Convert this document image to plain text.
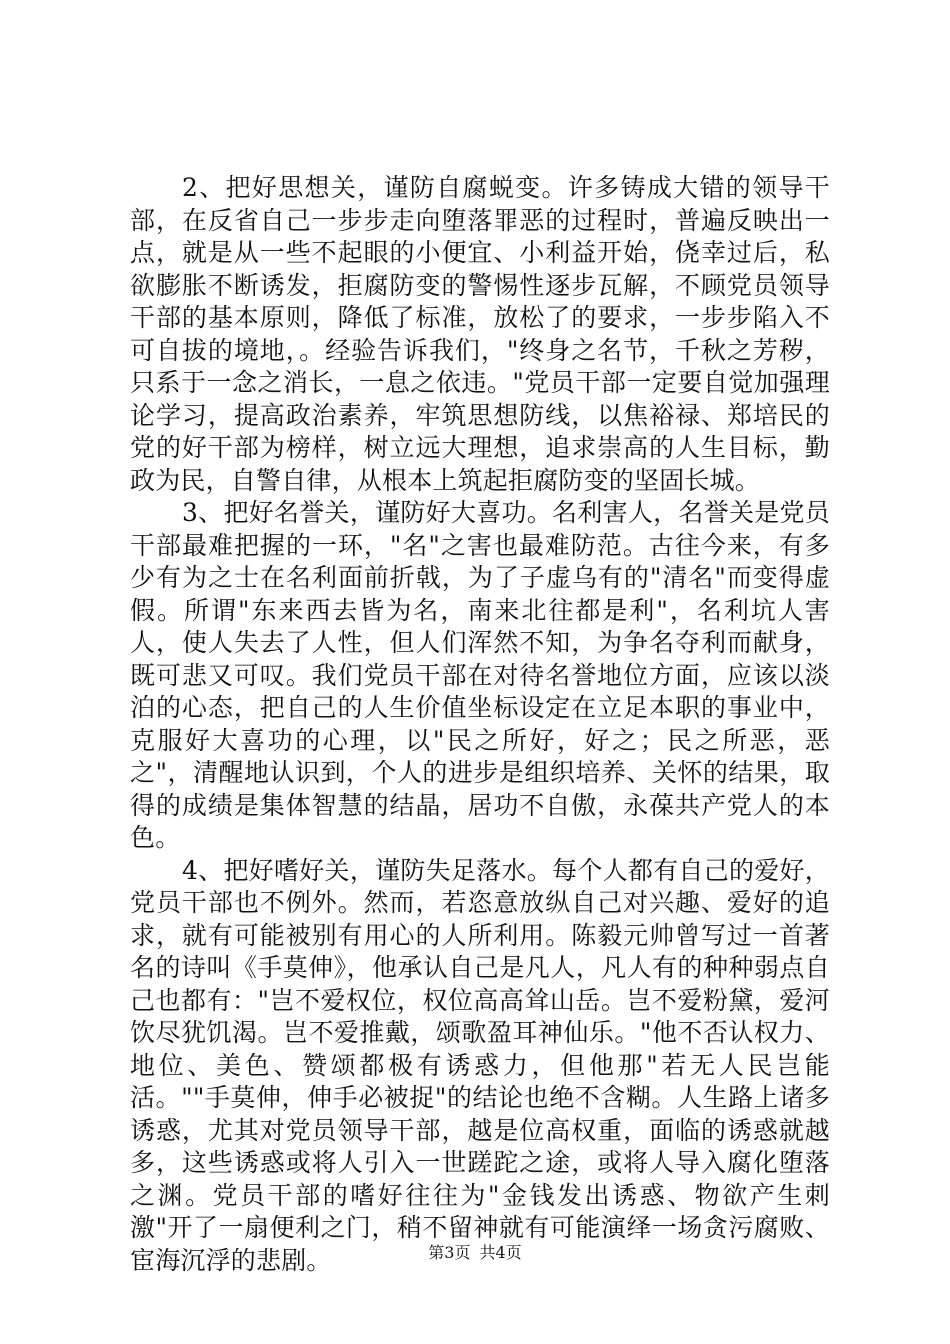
2、把好思想关，谨防自腐蜕变。许多铸成大错的领导干部，在反省自己一步步走向堕落罪恶的过程时，普遍反映出一点，就是从一些不起眼的小便宜、小利益开始，侥幸过后，私欲膨胀不断诱发，拒腐防变的警惕性逐步瓦解，不顾党员领导干部的基本原则，降低了标准，放松了的要求，一步步陷入不可自拔的境地，。经验告诉我们，"终身之名节，千秋之芳秽，只系于一念之消长，一息之依违。"党员干部一定要自觉加强理论学习，提高政治素养，牢筑思想防线，以焦裕禄、郑培民的党的好干部为榜样，树立远大理想，追求崇高的人生目标，勤政为民，自警自律，从根本上筑起拒腐防变的坚固长城。

3、把好名誉关，谨防好大喜功。名利害人，名誉关是党员干部最难把握的一环，"名"之害也最难防范。古往今来，有多少有为之士在名利面前折戟，为了子虚乌有的"清名"而变得虚假。所谓"东来西去皆为名，南来北往都是利"，名利坑人害人，使人失去了人性，但人们浑然不知，为争名夺利而献身，既可悲又可叹。我们党员干部在对待名誉地位方面，应该以淡泊的心态，把自己的人生价值坐标设定在立足本职的事业中，克服好大喜功的心理，以"民之所好，好之；民之所恶，恶之"，清醒地认识到，个人的进步是组织培养、关怀的结果，取得的成绩是集体智慧的结晶，居功不自傲，永葆共产党人的本色。

4、把好嗜好关，谨防失足落水。每个人都有自己的爱好，党员干部也不例外。然而，若恣意放纵自己对兴趣、爱好的追求，就有可能被别有用心的人所利用。陈毅元帅曾写过一首著名的诗叫《手莫伸》，他承认自己是凡人，凡人有的种种弱点自己也都有："岂不爱权位，权位高高耸山岳。岂不爱粉黛，爱河饮尽犹饥渴。岂不爱推戴，颂歌盈耳神仙乐。"他不否认权力、地位、美色、赞颂都极有诱惑力，但他那"若无人民岂能活。""手莫伸，伸手必被捉"的结论也绝不含糊。人生路上诸多诱惑，尤其对党员领导干部，越是位高权重，面临的诱惑就越多，这些诱惑或将人引入一世蹉跎之途，或将人导入腐化堕落之渊。党员干部的嗜好往往为"金钱发出诱惑、物欲产生刺激"开了一扇便利之门，稍不留神就有可能演绎一场贪污腐败、宦海沉浮的悲剧。	第3页 共4页
